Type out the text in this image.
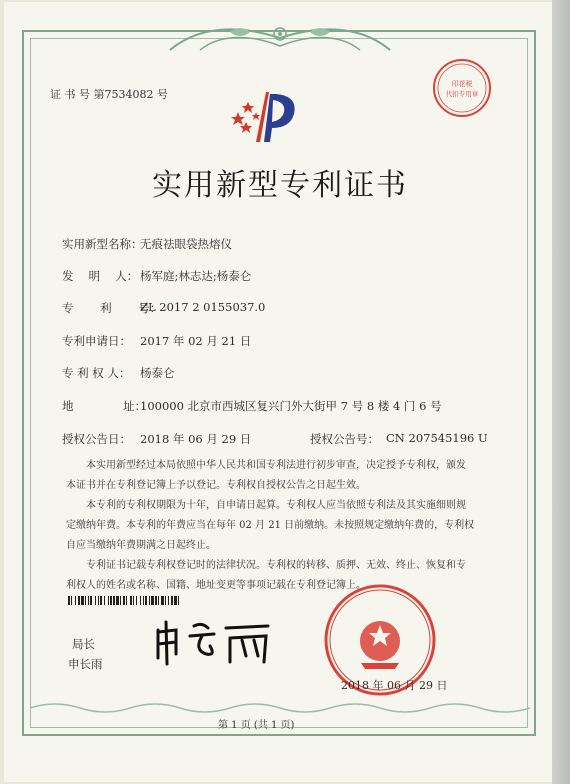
证 书 号 第7534082 号
印花税
代扣专用章
实用新型专利证书
实用新型名称：
无痕祛眼袋热熔仪
发　 明　 人： 杨军庭;林志达;杨泰仑
专　　 利　　 号：
ZL 2017 2 0155037.0
专利申请日： 2017 年 02 月 21 日
专 利 权 人： 杨泰仑
地　　　　 址：
100000 北京市西城区复兴门外大街甲 7 号 8 楼 4 门 6 号
授权公告日： 2018 年 06 月 29 日	授权公告号： CN 207545196 U
本实用新型经过本局依照中华人民共和国专利法进行初步审查，决定授予专利权，颁发
本证书并在专利登记簿上予以登记。专利权自授权公告之日起生效。
本专利的专利权期限为十年，自申请日起算。专利权人应当依照专利法及其实施细则规
定缴纳年费。本专利的年费应当在每年 02 月 21 日前缴纳。未按照规定缴纳年费的，专利权
自应当缴纳年费期满之日起终止。
专利证书记载专利权登记时的法律状况。专利权的转移、质押、无效、终止、恢复和专
利权人的姓名或名称、国籍、地址变更等事项记载在专利登记簿上。
局长
申长雨
2018 年 06 月 29 日
第 1 页 (共 1 页)
